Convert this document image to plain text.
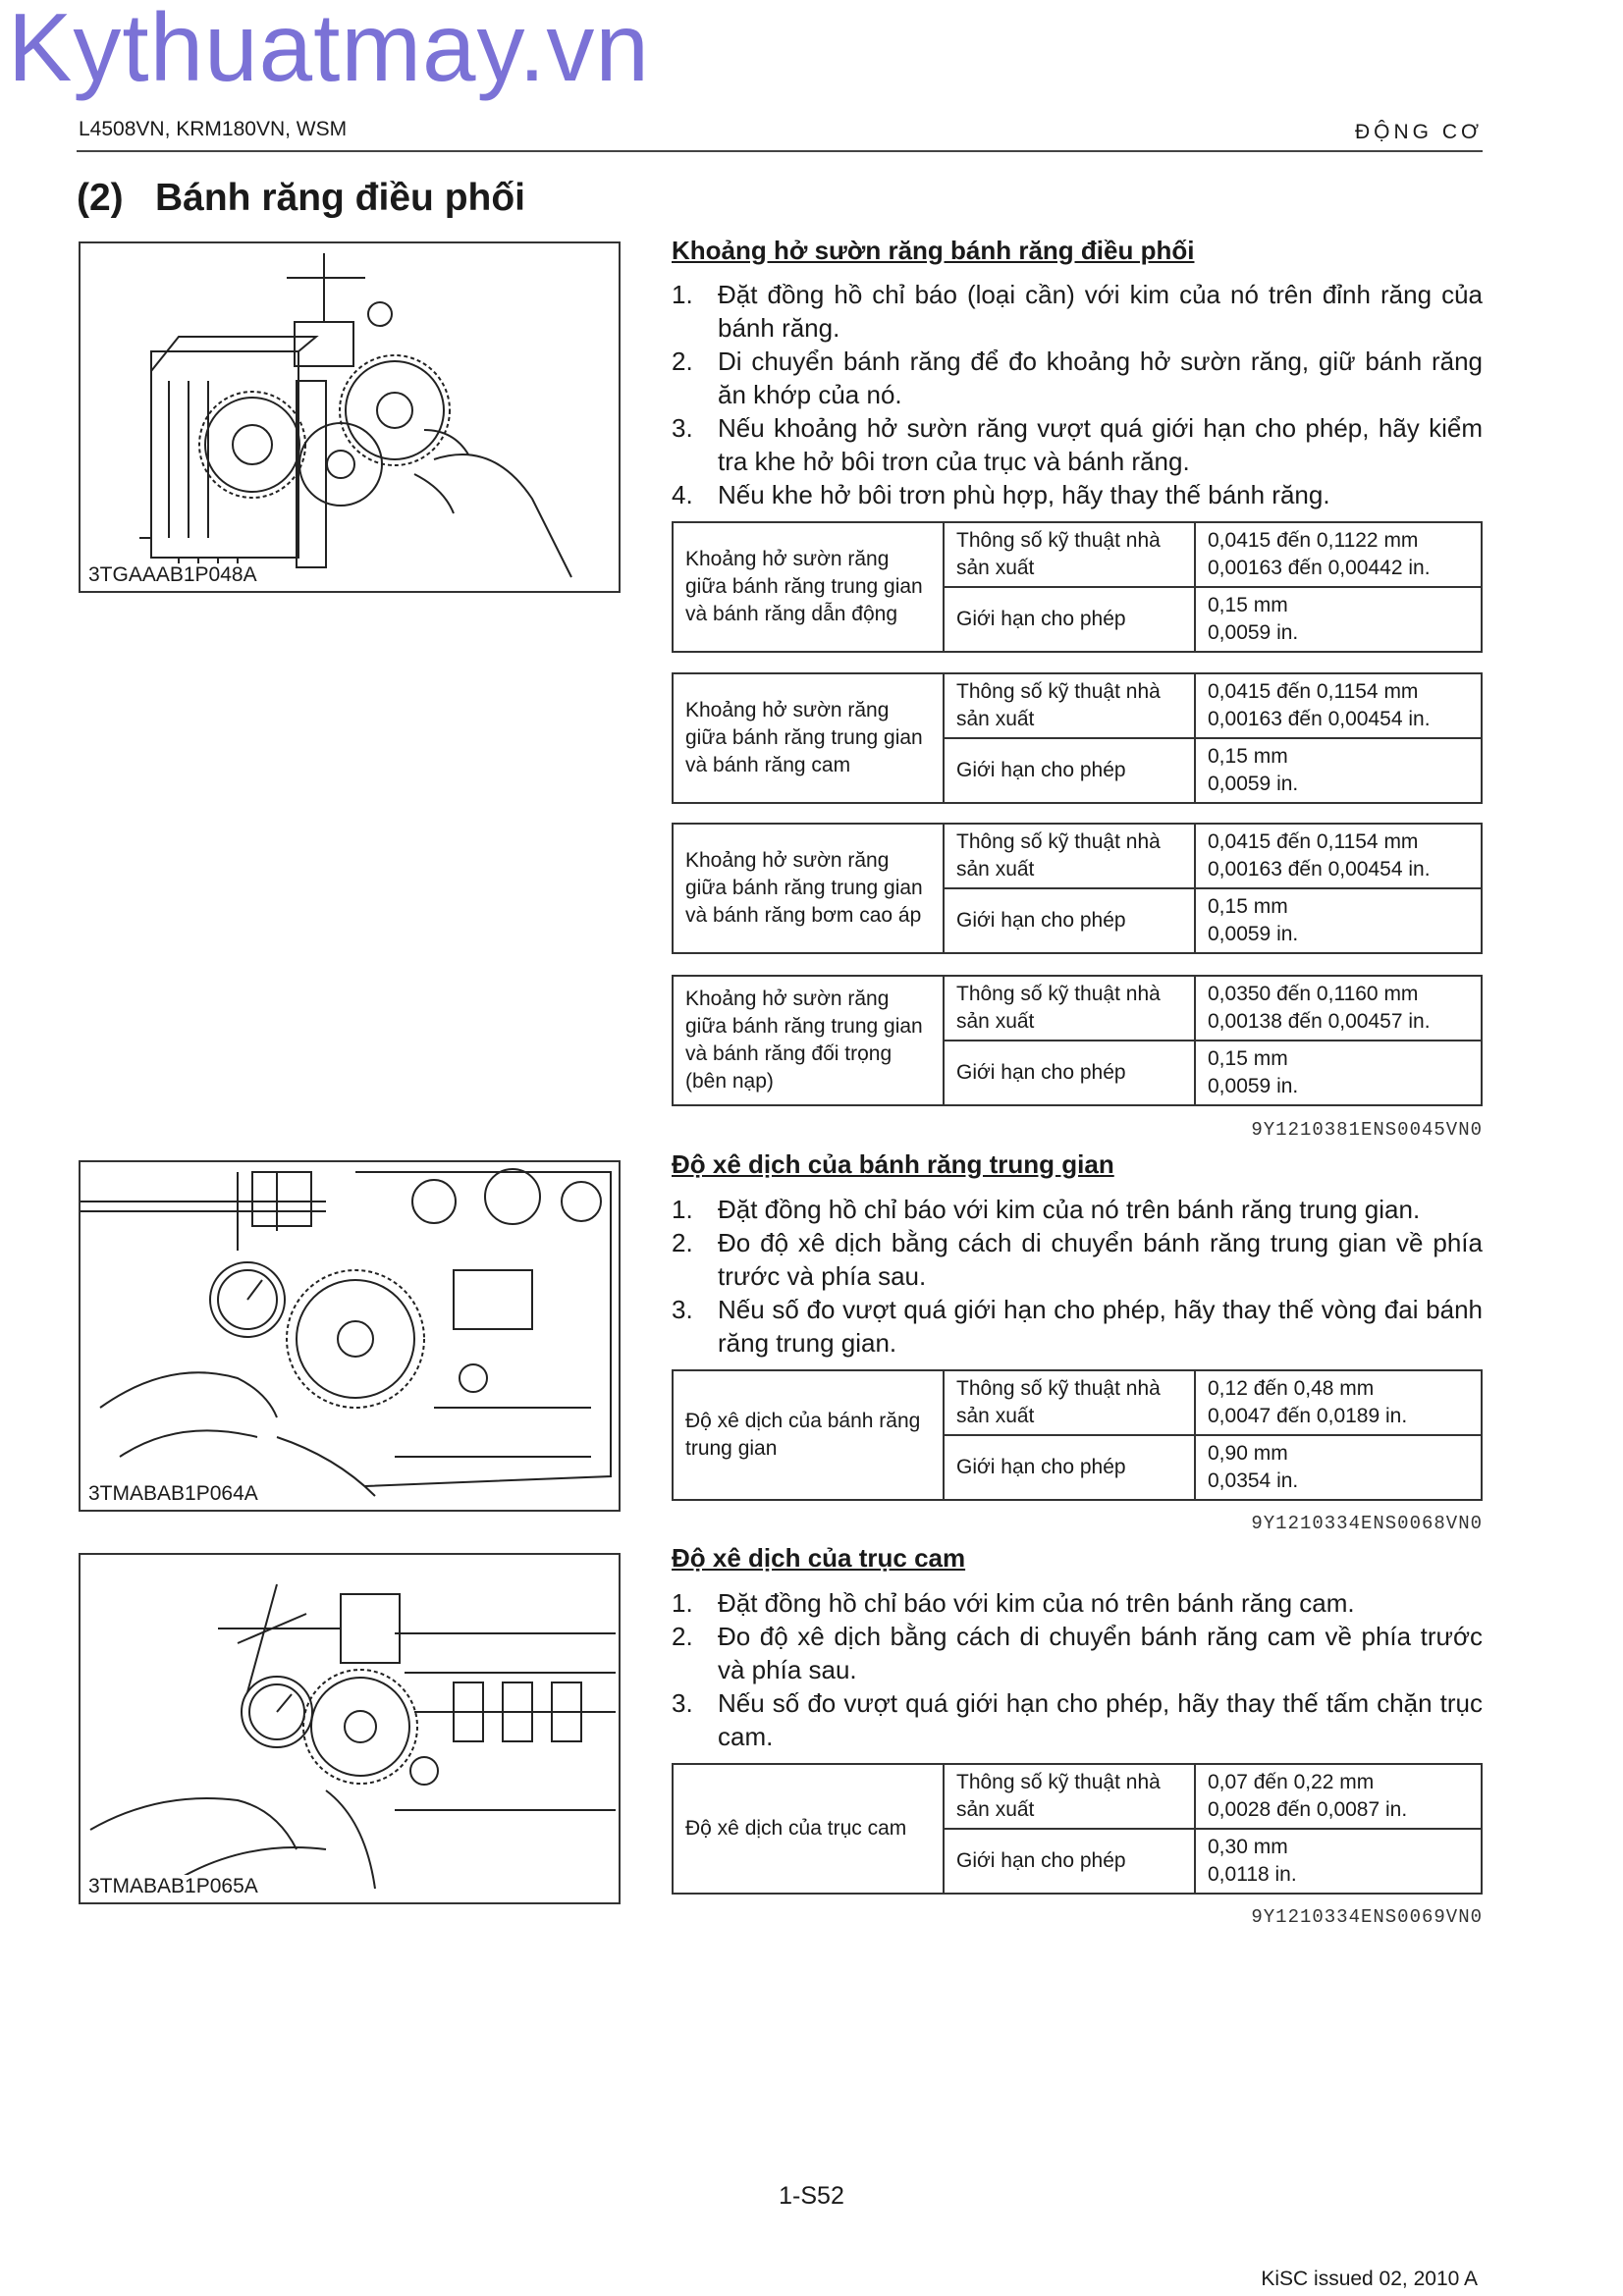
Kythuatmay.vn
L4508VN, KRM180VN, WSM	ĐỘNG CƠ
(2) Bánh răng điều phối
3TGAAAB1P048A
3TMABAB1P064A
3TMABAB1P065A
Khoảng hở sườn răng bánh răng điều phối
1. Đặt đồng hồ chỉ báo (loại cần) với kim của nó trên đỉnh răng của bánh răng.
2. Di chuyển bánh răng để đo khoảng hở sườn răng, giữ bánh răng ăn khớp của nó.
3. Nếu khoảng hở sườn răng vượt quá giới hạn cho phép, hãy kiểm tra khe hở bôi trơn của trục và bánh răng.
4. Nếu khe hở bôi trơn phù hợp, hãy thay thế bánh răng.
Khoảng hở sườn răng giữa bánh răng trung gian và bánh răng dẫn động	Thông số kỹ thuật nhà sản xuất	0,0415 đến 0,1122 mm
0,00163 đến 0,00442 in.

	Giới hạn cho phép	0,15 mm
0,0059 in.
Khoảng hở sườn răng giữa bánh răng trung gian và bánh răng cam	Thông số kỹ thuật nhà sản xuất	0,0415 đến 0,1154 mm
0,00163 đến 0,00454 in.

	Giới hạn cho phép	0,15 mm
0,0059 in.
Khoảng hở sườn răng giữa bánh răng trung gian và bánh răng bơm cao áp	Thông số kỹ thuật nhà sản xuất	0,0415 đến 0,1154 mm
0,00163 đến 0,00454 in.

	Giới hạn cho phép	0,15 mm
0,0059 in.
Khoảng hở sườn răng giữa bánh răng trung gian và bánh răng đối trọng (bên nạp)	Thông số kỹ thuật nhà sản xuất	0,0350 đến 0,1160 mm
0,00138 đến 0,00457 in.

	Giới hạn cho phép	0,15 mm
0,0059 in.
9Y1210381ENS0045VN0
Độ xê dịch của bánh răng trung gian
1. Đặt đồng hồ chỉ báo với kim của nó trên bánh răng trung gian.
2. Đo độ xê dịch bằng cách di chuyển bánh răng trung gian về phía trước và phía sau.
3. Nếu số đo vượt quá giới hạn cho phép, hãy thay thế vòng đai bánh răng trung gian.
Độ xê dịch của bánh răng trung gian	Thông số kỹ thuật nhà sản xuất	0,12 đến 0,48 mm
0,0047 đến 0,0189 in.

	Giới hạn cho phép	0,90 mm
0,0354 in.
9Y1210334ENS0068VN0
Độ xê dịch của trục cam
1. Đặt đồng hồ chỉ báo với kim của nó trên bánh răng cam.
2. Đo độ xê dịch bằng cách di chuyển bánh răng cam về phía trước và phía sau.
3. Nếu số đo vượt quá giới hạn cho phép, hãy thay thế tấm chặn trục cam.
Độ xê dịch của trục cam	Thông số kỹ thuật nhà sản xuất	0,07 đến 0,22 mm
0,0028 đến 0,0087 in.

	Giới hạn cho phép	0,30 mm
0,0118 in.
9Y1210334ENS0069VN0
1-S52
KiSC issued 02, 2010 A
